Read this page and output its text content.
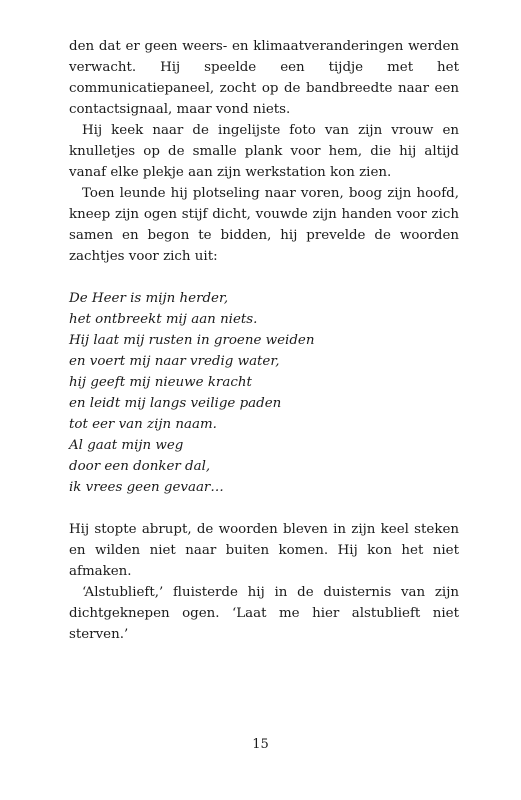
den dat er geen weers- en klimaatveranderingen werden verwacht. Hij speelde een tijdje met het communicatiepaneel, zocht op de bandbreedte naar een contactsignaal, maar vond niets.

Hij keek naar de ingelijste foto van zijn vrouw en knulletjes op de smalle plank voor hem, die hij altijd vanaf elke plekje aan zijn werkstation kon zien.

Toen leunde hij plotseling naar voren, boog zijn hoofd, kneep zijn ogen stijf dicht, vouwde zijn handen voor zich samen en begon te bidden, hij prevelde de woorden zachtjes voor zich uit:

De Heer is mijn herder,
het ontbreekt mij aan niets.
Hij laat mij rusten in groene weiden
en voert mij naar vredig water,
hij geeft mij nieuwe kracht
en leidt mij langs veilige paden
tot eer van zijn naam.
Al gaat mijn weg
door een donker dal,
ik vrees geen gevaar…

Hij stopte abrupt, de woorden bleven in zijn keel steken en wilden niet naar buiten komen. Hij kon het niet afmaken.

‘Alstublieft,’ fluisterde hij in de duisternis van zijn dichtgeknepen ogen. ‘Laat me hier alstublieft niet sterven.’

15
